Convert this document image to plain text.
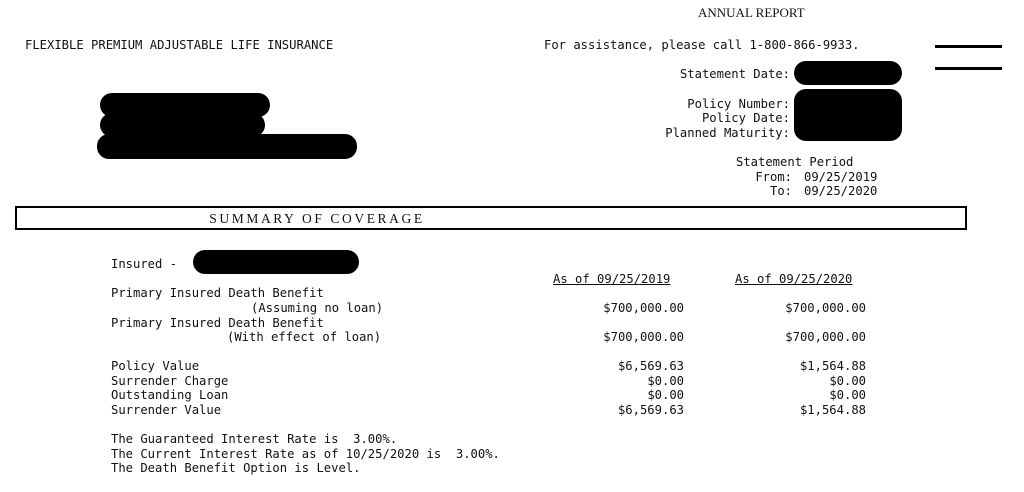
ANNUAL REPORT
FLEXIBLE PREMIUM ADJUSTABLE LIFE INSURANCE	For assistance, please call 1-800-866-9933.
Statement Date:
Policy Number:
Policy Date:
Planned Maturity:
Statement Period
From: 09/25/2019
To: 09/25/2020
SUMMARY OF COVERAGE
Insured -
As of 09/25/2019	As of 09/25/2020
Primary Insured Death Benefit
(Assuming no loan)	$700,000.00	$700,000.00
Primary Insured Death Benefit
(With effect of loan)	$700,000.00	$700,000.00
Policy Value	$6,569.63	$1,564.88
Surrender Charge	$0.00	$0.00
Outstanding Loan	$0.00	$0.00
Surrender Value	$6,569.63	$1,564.88
The Guaranteed Interest Rate is  3.00%.
The Current Interest Rate as of 10/25/2020 is  3.00%.
The Death Benefit Option is Level.
